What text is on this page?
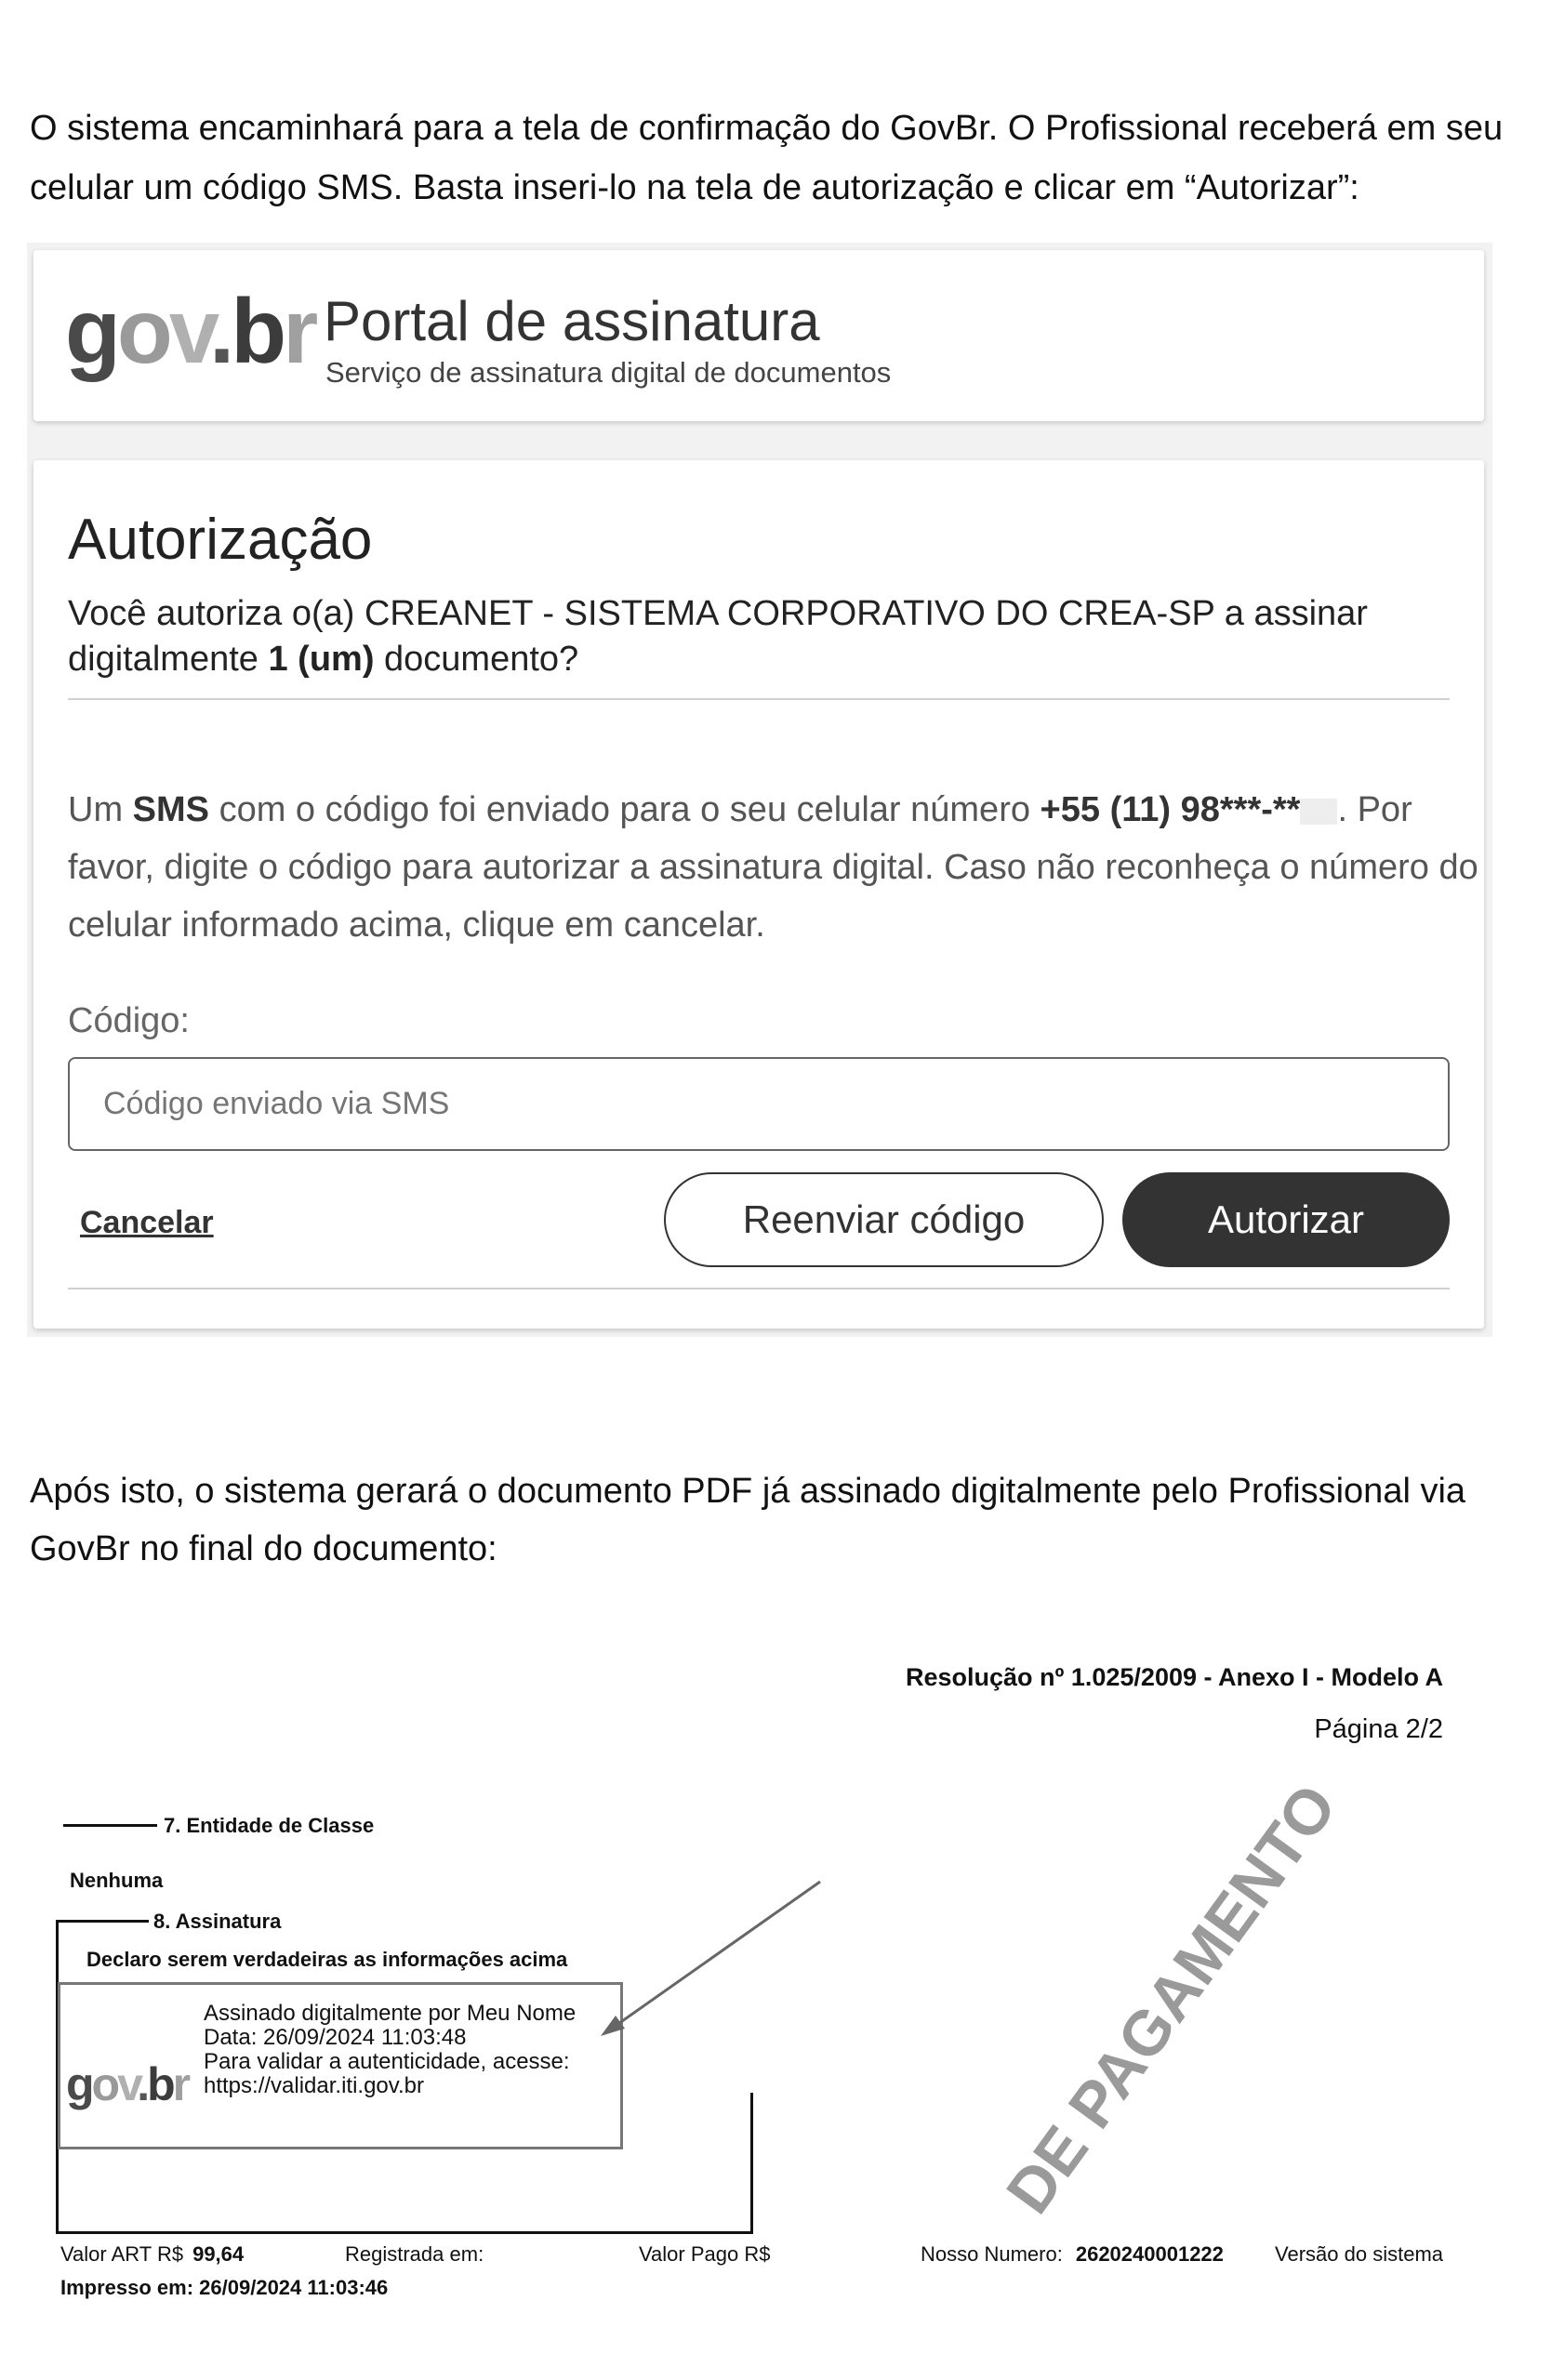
O sistema encaminhará para a tela de confirmação do GovBr. O Profissional receberá em seu
celular um código SMS. Basta inseri-lo na tela de autorização e clicar em “Autorizar”:
gov.br Portal de assinatura
Serviço de assinatura digital de documentos
Autorização
Você autoriza o(a) CREANET - SISTEMA CORPORATIVO DO CREA-SP a assinar
digitalmente 1 (um) documento?
Um SMS com o código foi enviado para o seu celular número +55 (11) 98***-** . Por
favor, digite o código para autorizar a assinatura digital. Caso não reconheça o número do
celular informado acima, clique em cancelar.
Código:
Código enviado via SMS
Cancelar	Reenviar código	Autorizar
Após isto, o sistema gerará o documento PDF já assinado digitalmente pelo Profissional via
GovBr no final do documento:
Resolução nº 1.025/2009 - Anexo I - Modelo A
Página 2/2
7. Entidade de Classe
Nenhuma
8. Assinatura
Declaro serem verdadeiras as informações acima
gov.br
Assinado digitalmente por Meu Nome
Data: 26/09/2024 11:03:48
Para validar a autenticidade, acesse:
https://validar.iti.gov.br	DE PAGAMENTO
Valor ART R$ 99,64	Registrada em:	Valor Pago R$	Nosso Numero: 2620240001222	Versão do sistema
Impresso em: 26/09/2024 11:03:46
